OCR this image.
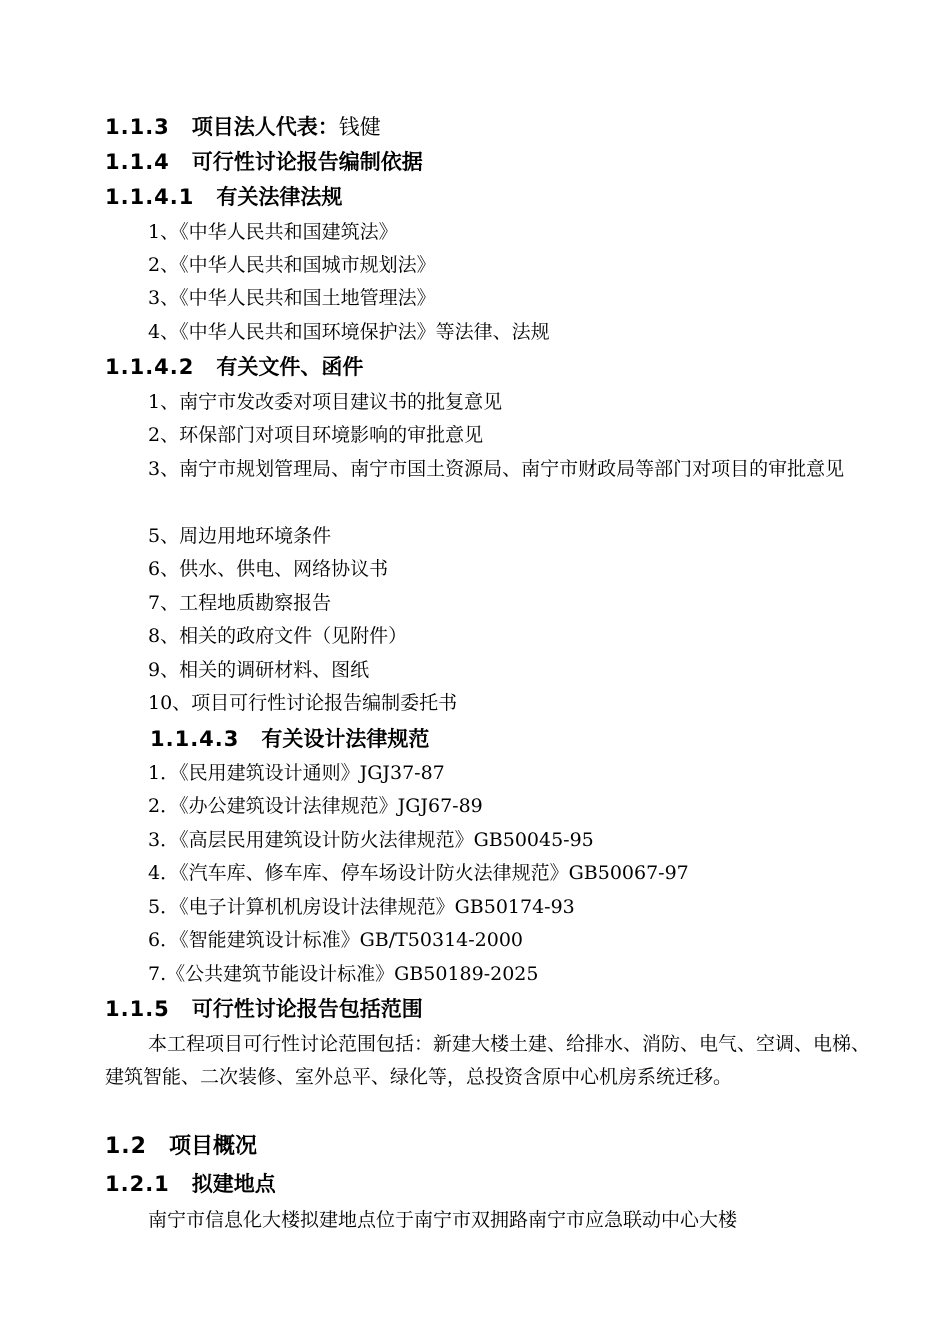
1.1.3 项目法人代表：钱健
1.1.4 可行性讨论报告编制依据
1.1.4.1 有关法律法规
1、《中华人民共和国建筑法》
2、《中华人民共和国城市规划法》
3、《中华人民共和国土地管理法》
4、《中华人民共和国环境保护法》等法律、法规
1.1.4.2 有关文件、函件
1、南宁市发改委对项目建议书的批复意见
2、环保部门对项目环境影响的审批意见
3、南宁市规划管理局、南宁市国土资源局、南宁市财政局等部门对项目的审批意见
5、周边用地环境条件
6、供水、供电、网络协议书
7、工程地质勘察报告
8、相关的政府文件（见附件）
9、相关的调研材料、图纸
10、项目可行性讨论报告编制委托书
1.1.4.3 有关设计法律规范
1．《民用建筑设计通则》JGJ37-87
2．《办公建筑设计法律规范》JGJ67-89
3．《高层民用建筑设计防火法律规范》GB50045-95
4．《汽车库、修车库、停车场设计防火法律规范》GB50067-97
5．《电子计算机机房设计法律规范》GB50174-93
6．《智能建筑设计标准》GB/T50314-2000
7.《公共建筑节能设计标准》GB50189-2025
1.1.5 可行性讨论报告包括范围
本工程项目可行性讨论范围包括：新建大楼土建、给排水、消防、电气、空调、电梯、建筑智能、二次装修、室外总平、绿化等，总投资含原中心机房系统迁移。
1.2 项目概况
1.2.1 拟建地点
南宁市信息化大楼拟建地点位于南宁市双拥路南宁市应急联动中心大楼
